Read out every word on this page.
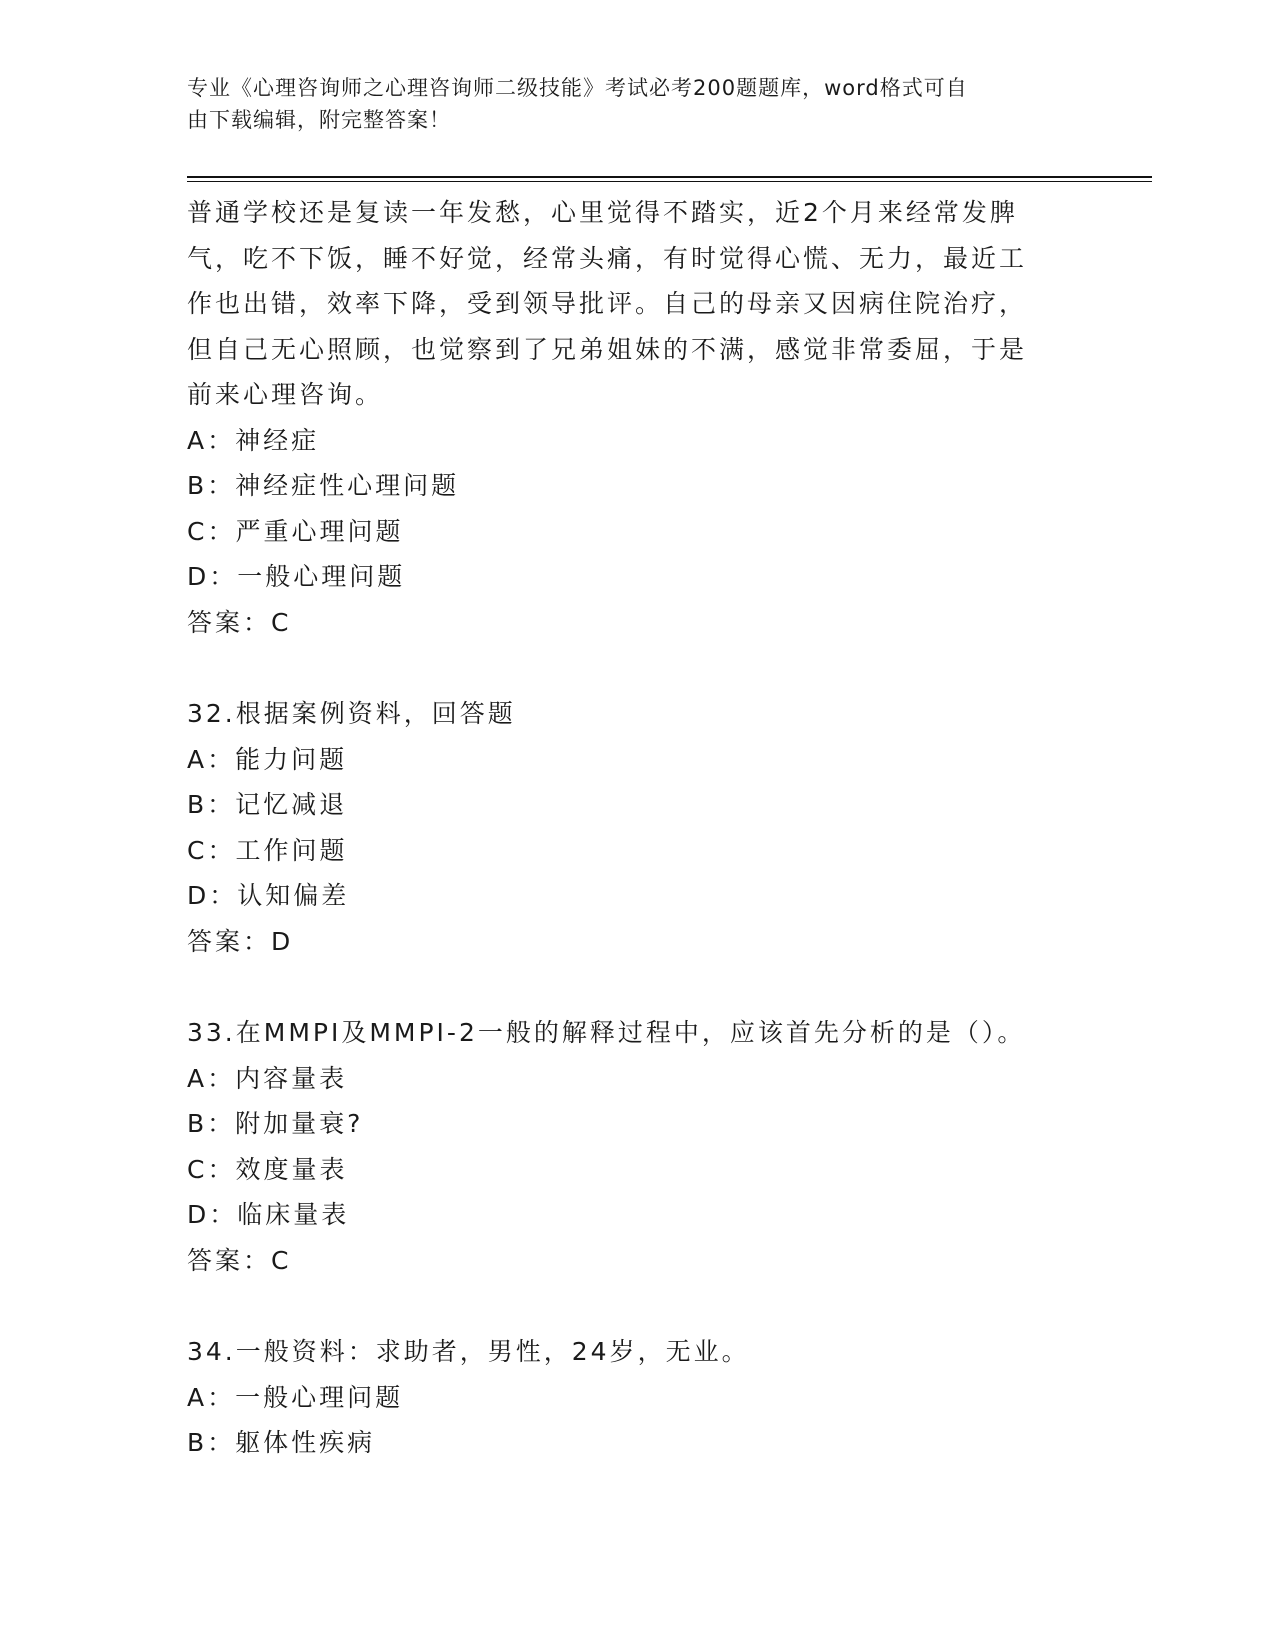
专业《心理咨询师之心理咨询师二级技能》考试必考200题题库，word格式可自
由下载编辑，附完整答案！
普通学校还是复读一年发愁，心里觉得不踏实，近2个月来经常发脾
气，吃不下饭，睡不好觉，经常头痛，有时觉得心慌、无力，最近工
作也出错，效率下降，受到领导批评。自己的母亲又因病住院治疗，
但自己无心照顾，也觉察到了兄弟姐妹的不满，感觉非常委屈，于是
前来心理咨询。
A：神经症
B：神经症性心理问题
C：严重心理问题
D：一般心理问题
答案：C
32.根据案例资料，回答题
A：能力问题
B：记忆减退
C：工作问题
D：认知偏差
答案：D
33.在MMPI及MMPI-2一般的解释过程中，应该首先分析的是（）。
A：内容量表
B：附加量衰?
C：效度量表
D：临床量表
答案：C
34.一般资料：求助者，男性，24岁，无业。
A：一般心理问题
B：躯体性疾病
